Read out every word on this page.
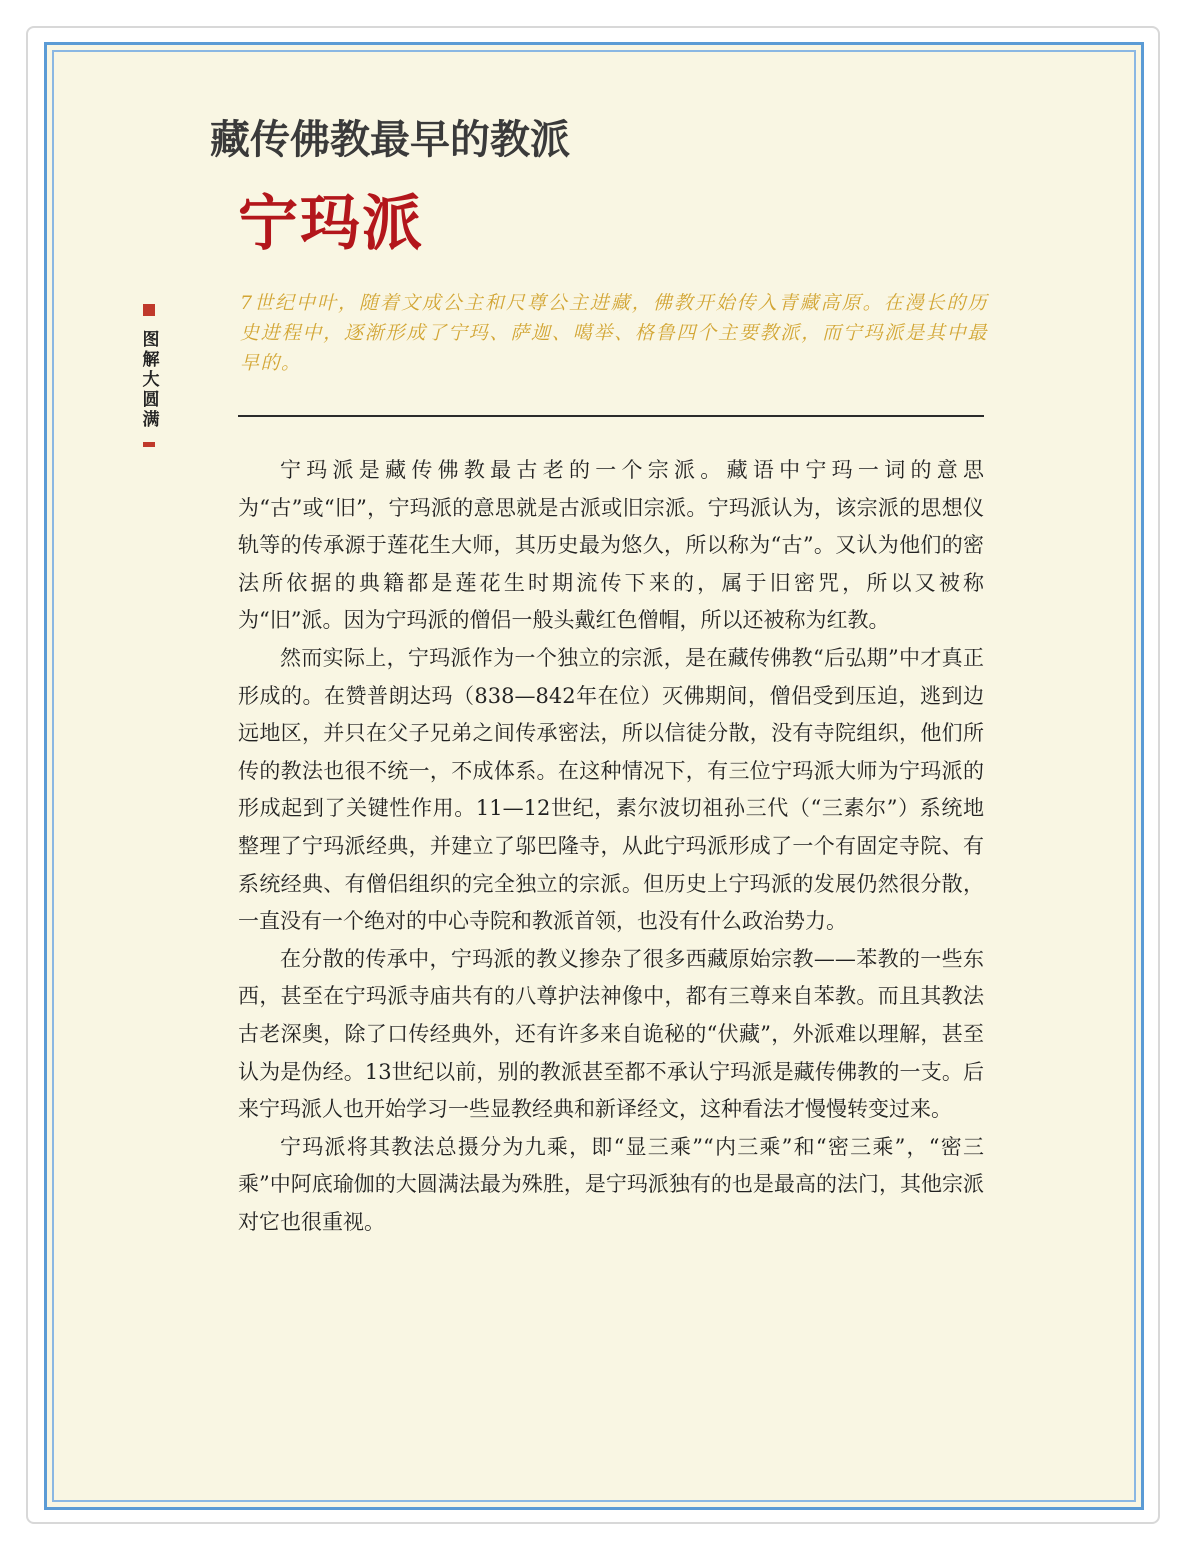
藏传佛教最早的教派
宁玛派
7世纪中叶，随着文成公主和尺尊公主进藏，佛教开始传入青藏高原。在漫长的历史进程中，逐渐形成了宁玛、萨迦、噶举、格鲁四个主要教派，而宁玛派是其中最早的。
图解大圆满

宁玛派是藏传佛教最古老的一个宗派。藏语中宁玛一词的意思为“古”或“旧”，宁玛派的意思就是古派或旧宗派。宁玛派认为，该宗派的思想仪轨等的传承源于莲花生大师，其历史最为悠久，所以称为“古”。又认为他们的密法所依据的典籍都是莲花生时期流传下来的，属于旧密咒，所以又被称为“旧”派。因为宁玛派的僧侣一般头戴红色僧帽，所以还被称为红教。

然而实际上，宁玛派作为一个独立的宗派，是在藏传佛教“后弘期”中才真正形成的。在赞普朗达玛（838—842年在位）灭佛期间，僧侣受到压迫，逃到边远地区，并只在父子兄弟之间传承密法，所以信徒分散，没有寺院组织，他们所传的教法也很不统一，不成体系。在这种情况下，有三位宁玛派大师为宁玛派的形成起到了关键性作用。11—12世纪，素尔波切祖孙三代（“三素尔”）系统地整理了宁玛派经典，并建立了邬巴隆寺，从此宁玛派形成了一个有固定寺院、有系统经典、有僧侣组织的完全独立的宗派。但历史上宁玛派的发展仍然很分散，一直没有一个绝对的中心寺院和教派首领，也没有什么政治势力。

在分散的传承中，宁玛派的教义掺杂了很多西藏原始宗教——苯教的一些东西，甚至在宁玛派寺庙共有的八尊护法神像中，都有三尊来自苯教。而且其教法古老深奥，除了口传经典外，还有许多来自诡秘的“伏藏”，外派难以理解，甚至认为是伪经。13世纪以前，别的教派甚至都不承认宁玛派是藏传佛教的一支。后来宁玛派人也开始学习一些显教经典和新译经文，这种看法才慢慢转变过来。

宁玛派将其教法总摄分为九乘，即“显三乘”“内三乘”和“密三乘”，“密三乘”中阿底瑜伽的大圆满法最为殊胜，是宁玛派独有的也是最高的法门，其他宗派对它也很重视。
